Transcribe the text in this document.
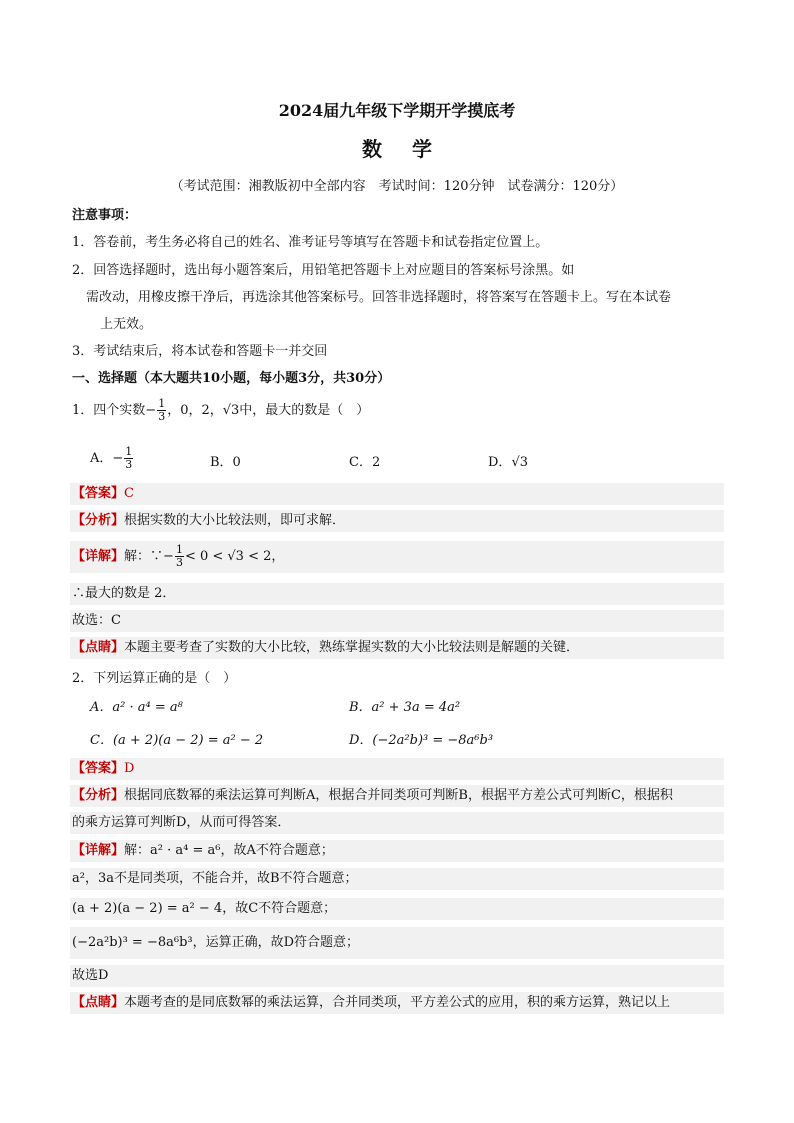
2024届九年级下学期开学摸底考
数学
（考试范围：湘教版初中全部内容　考试时间：120分钟　试卷满分：120分）
注意事项：
1．答卷前，考生务必将自己的姓名、准考证号等填写在答题卡和试卷指定位置上。
2．回答选择题时，选出每小题答案后，用铅笔把答题卡上对应题目的答案标号涂黑。如
需改动，用橡皮擦干净后，再选涂其他答案标号。回答非选择题时，将答案写在答题卡上。写在本试卷
上无效。
3．考试结束后，将本试卷和答题卡一并交回
一、选择题（本大题共10小题，每小题3分，共30分）
1．四个实数− $\frac{1}{3}$ ，0，2，√3中，最大的数是（　）
A．− $\frac{1}{3}$	B．0	C．2	D．√3
【答案】C
【分析】根据实数的大小比较法则，即可求解．
【详解】解：∵− $\frac{1}{3} < 0 < √3 < 2$，
∴最大的数是 2．
故选：C
【点睛】本题主要考查了实数的大小比较，熟练掌握实数的大小比较法则是解题的关键．
2．下列运算正确的是（　）
A．a² · a⁴ = a⁸	B．a² + 3a = 4a²
C．(a + 2)(a − 2) = a² − 2	D．(−2a²b)³ = −8a⁶b³
【答案】D
【分析】根据同底数幂的乘法运算可判断A，根据合并同类项可判断B，根据平方差公式可判断C，根据积
的乘方运算可判断D，从而可得答案．
【详解】解：a² · a⁴ = a⁶，故A不符合题意；
a²，3a不是同类项，不能合并，故B不符合题意；
(a + 2)(a − 2) = a² − 4，故C不符合题意；
(−2a²b)³ = −8a⁶b³，运算正确，故D符合题意；
故选D
【点睛】本题考查的是同底数幂的乘法运算，合并同类项，平方差公式的应用，积的乘方运算，熟记以上
